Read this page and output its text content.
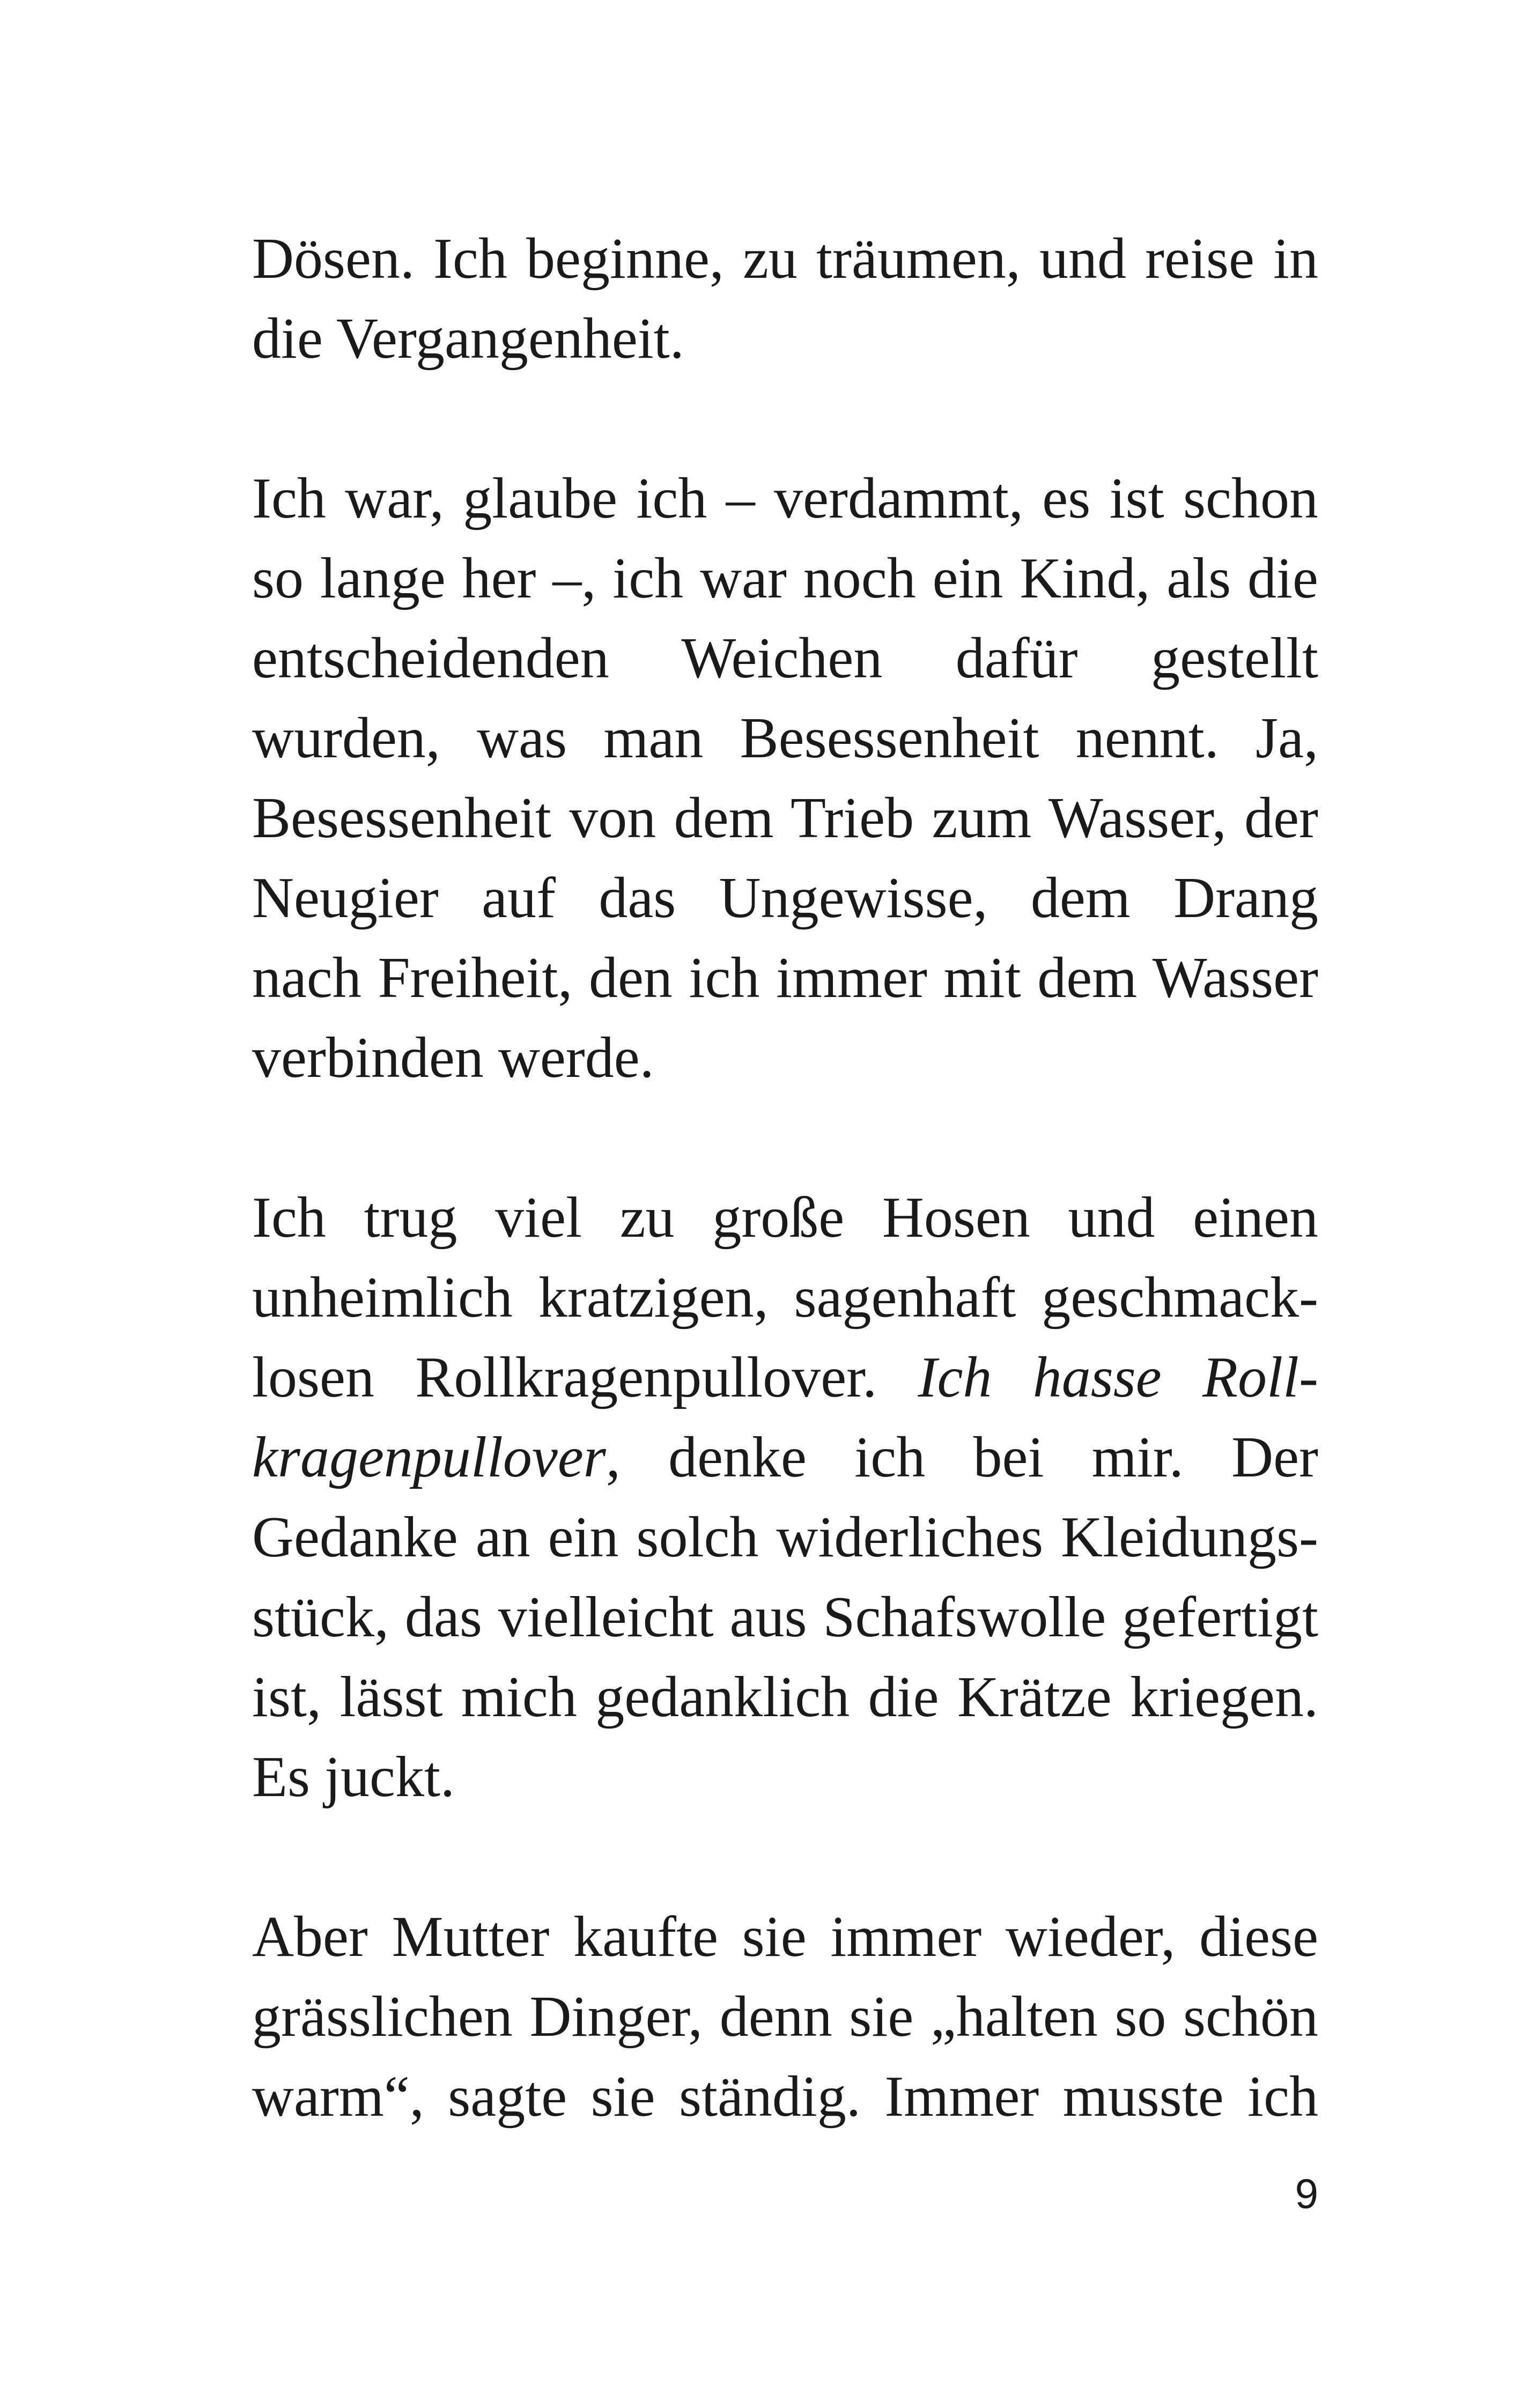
Dösen. Ich beginne, zu träumen, und reise in
die Vergangenheit.
Ich war, glaube ich – verdammt, es ist schon
so lange her –, ich war noch ein Kind, als die
entscheidenden Weichen dafür gestellt
wurden, was man Besessenheit nennt. Ja,
Besessenheit von dem Trieb zum Wasser, der
Neugier auf das Ungewisse, dem Drang
nach Freiheit, den ich immer mit dem Wasser
verbinden werde.
Ich trug viel zu große Hosen und einen
unheimlich kratzigen, sagenhaft geschmack-
losen Rollkragenpullover. Ich hasse Roll-
kragenpullover, denke ich bei mir. Der
Gedanke an ein solch widerliches Kleidungs-
stück, das vielleicht aus Schafswolle gefertigt
ist, lässt mich gedanklich die Krätze kriegen.
Es juckt.
Aber Mutter kaufte sie immer wieder, diese
grässlichen Dinger, denn sie „halten so schön
warm“, sagte sie ständig. Immer musste ich
9
